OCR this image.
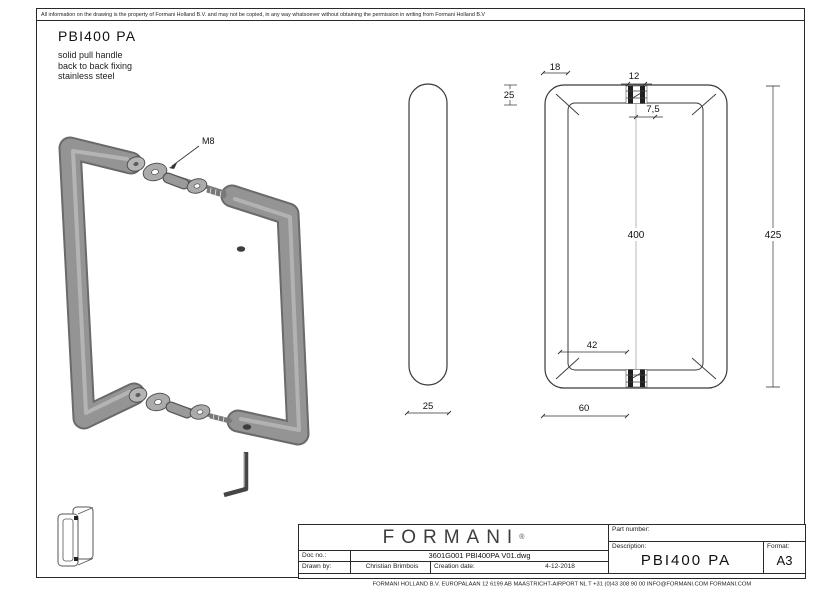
All information on the drawing is the property of Formani Holland B.V. and may not be copied, in any way whatsoever without obtaining the permission in writing from Formani Holland B.V
PBI400 PA
solid pull handle
back to back fixing
stainless steel
M8
25
18
12
25
7,5
400	425
42
60
FORMANI ®
Doc no.:	3601G001 PBI400PA V01.dwg
Drawn by:	Christian Brimbois	Creation date:	4-12-2018
Part number:
Description:
PBI400 PA
Format:
A3
FORMANI HOLLAND B.V. EUROPALAAN 12 6199 AB MAASTRICHT-AIRPORT NL T +31 (0)43 308 90 00 INFO@FORMANI.COM FORMANI.COM
